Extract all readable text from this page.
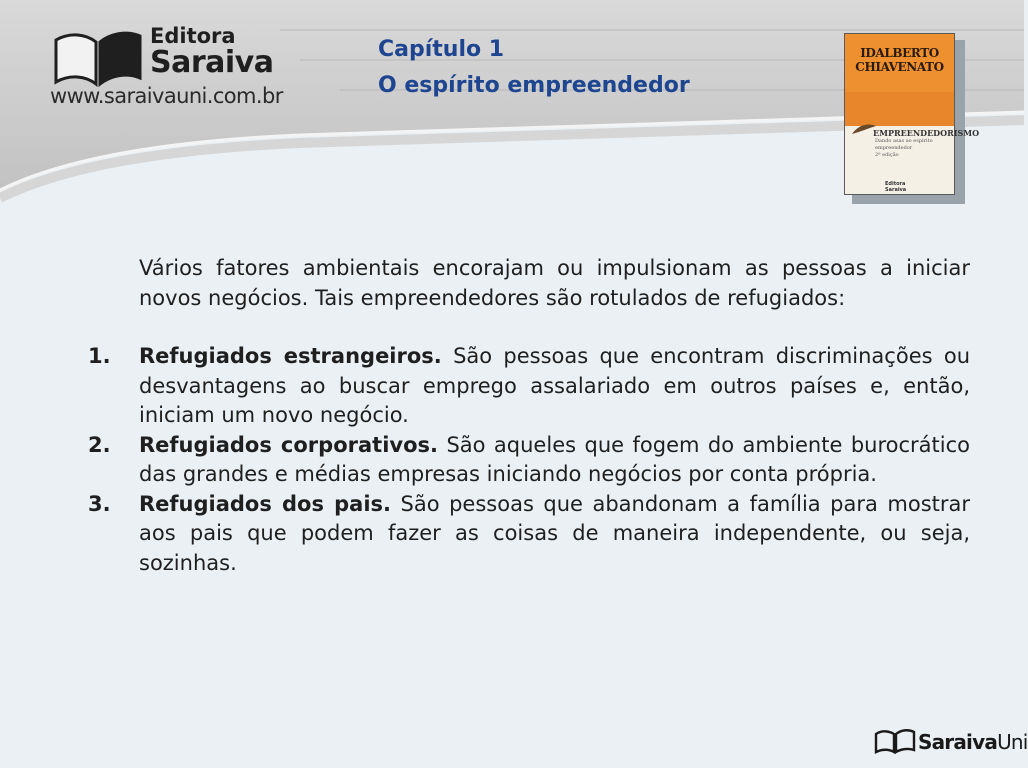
Editora
Saraiva
www.saraivauni.com.br
Capítulo 1
O espírito empreendedor
IDALBERTO CHIAVENATO
EMPREENDEDORISMO
Dando asas ao espírito empreendedor
2ª edição
Editora
Saraiva

Vários fatores ambientais encorajam ou impulsionam as pessoas a iniciar novos negócios. Tais empreendedores são rotulados de refugiados:

1. Refugiados estrangeiros. São pessoas que encontram discriminações ou desvantagens ao buscar emprego assalariado em outros países e, então, iniciam um novo negócio.
2. Refugiados corporativos. São aqueles que fogem do ambiente burocrático das grandes e médias empresas iniciando negócios por conta própria.
3. Refugiados dos pais. São pessoas que abandonam a família para mostrar aos pais que podem fazer as coisas de maneira independente, ou seja, sozinhas.
SaraivaUni
